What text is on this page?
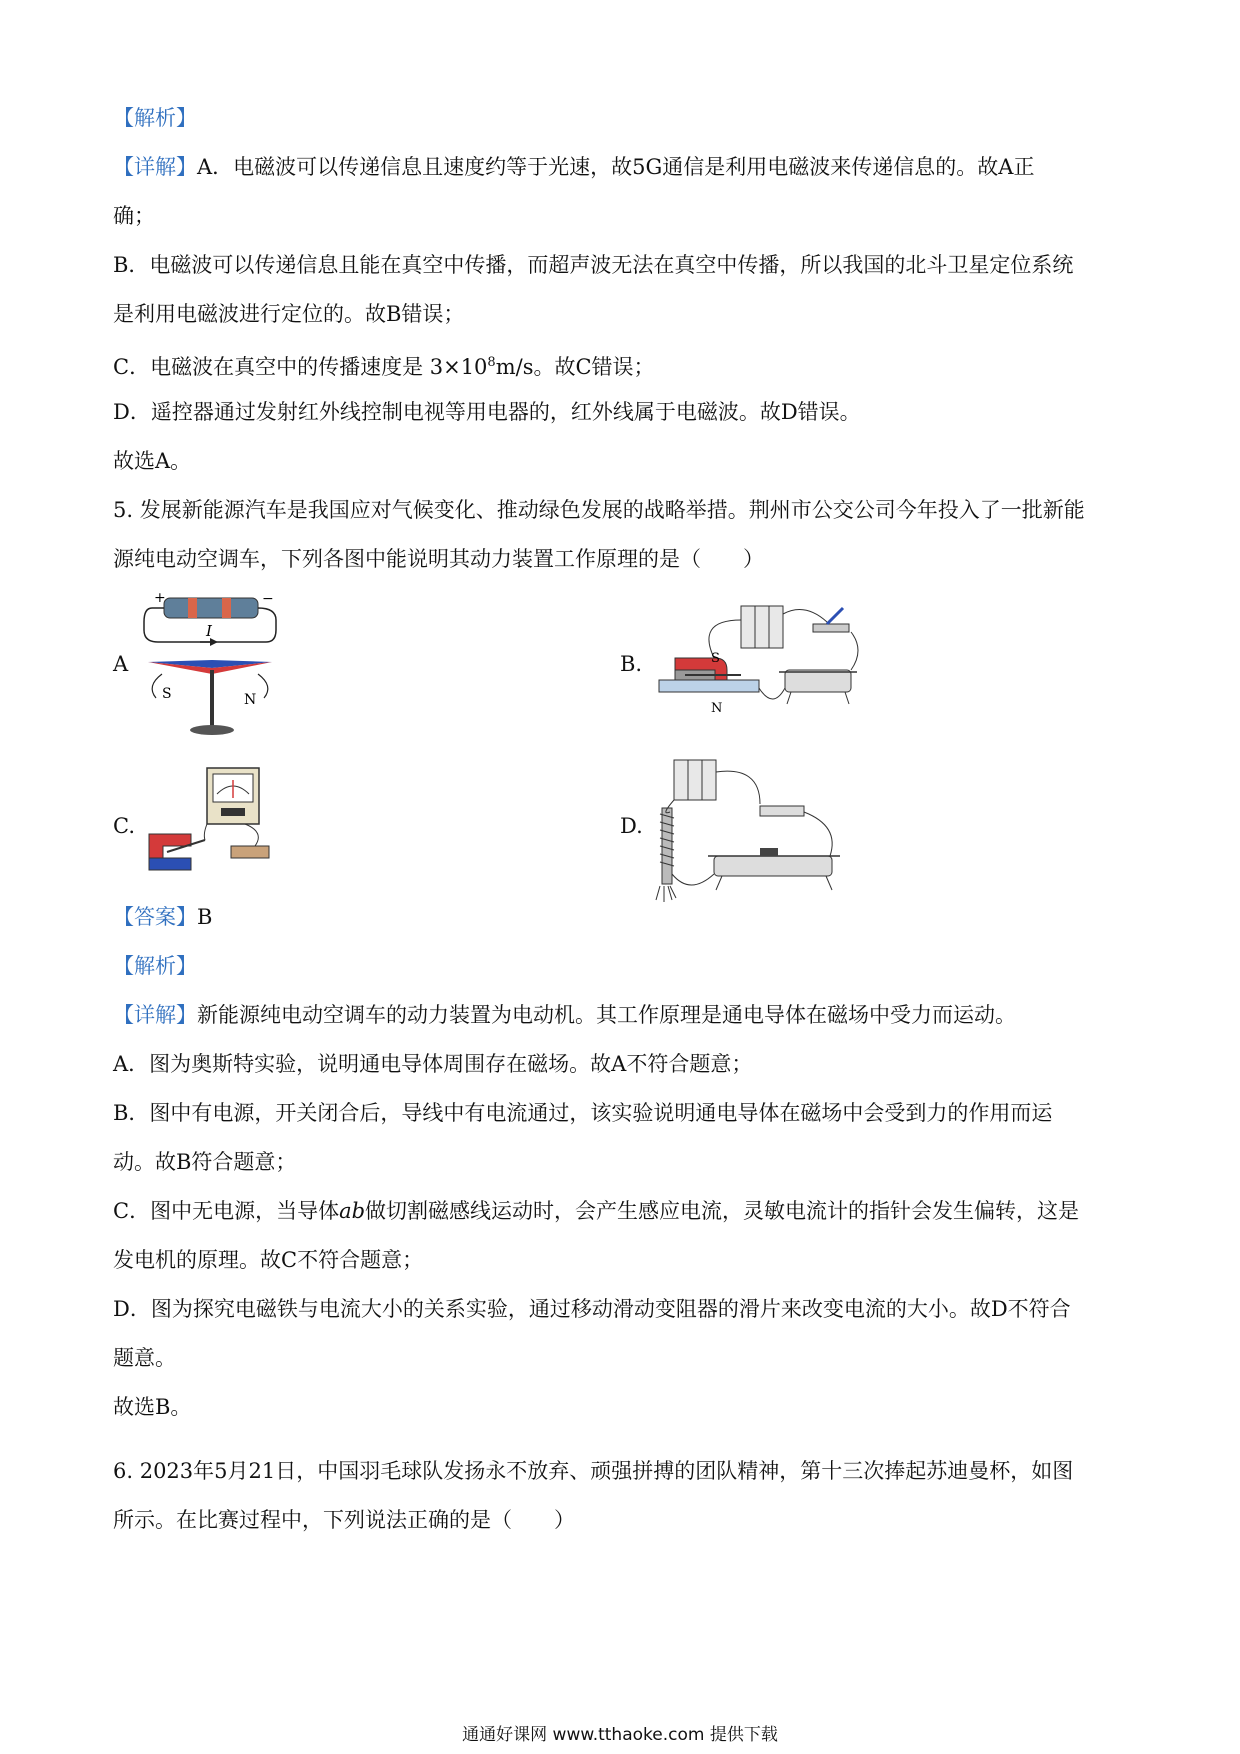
【解析】
【详解】A．电磁波可以传递信息且速度约等于光速，故5G通信是利用电磁波来传递信息的。故A正
确；
B．电磁波可以传递信息且能在真空中传播，而超声波无法在真空中传播，所以我国的北斗卫星定位系统
是利用电磁波进行定位的。故B错误；
C．电磁波在真空中的传播速度是 $3\times 10^8m/s$。故C错误；
D．遥控器通过发射红外线控制电视等用电器的，红外线属于电磁波。故D错误。
故选A。
5. 发展新能源汽车是我国应对气候变化、推动绿色发展的战略举措。荆州市公交公司今年投入了一批新能
源纯电动空调车，下列各图中能说明其动力装置工作原理的是（　　）
A
+	−
I
S	N
B.	S
N
C.	D.
【答案】B
【解析】
【详解】新能源纯电动空调车的动力装置为电动机。其工作原理是通电导体在磁场中受力而运动。
A．图为奥斯特实验，说明通电导体周围存在磁场。故A不符合题意；
B．图中有电源，开关闭合后，导线中有电流通过，该实验说明通电导体在磁场中会受到力的作用而运
动。故B符合题意；
C．图中无电源，当导体ab做切割磁感线运动时，会产生感应电流，灵敏电流计的指针会发生偏转，这是
发电机的原理。故C不符合题意；
D．图为探究电磁铁与电流大小的关系实验，通过移动滑动变阻器的滑片来改变电流的大小。故D不符合
题意。
故选B。
6. 2023年5月21日，中国羽毛球队发扬永不放弃、顽强拼搏的团队精神，第十三次捧起苏迪曼杯，如图
所示。在比赛过程中，下列说法正确的是（　　）
通通好课网 www.tthaoke.com 提供下载
